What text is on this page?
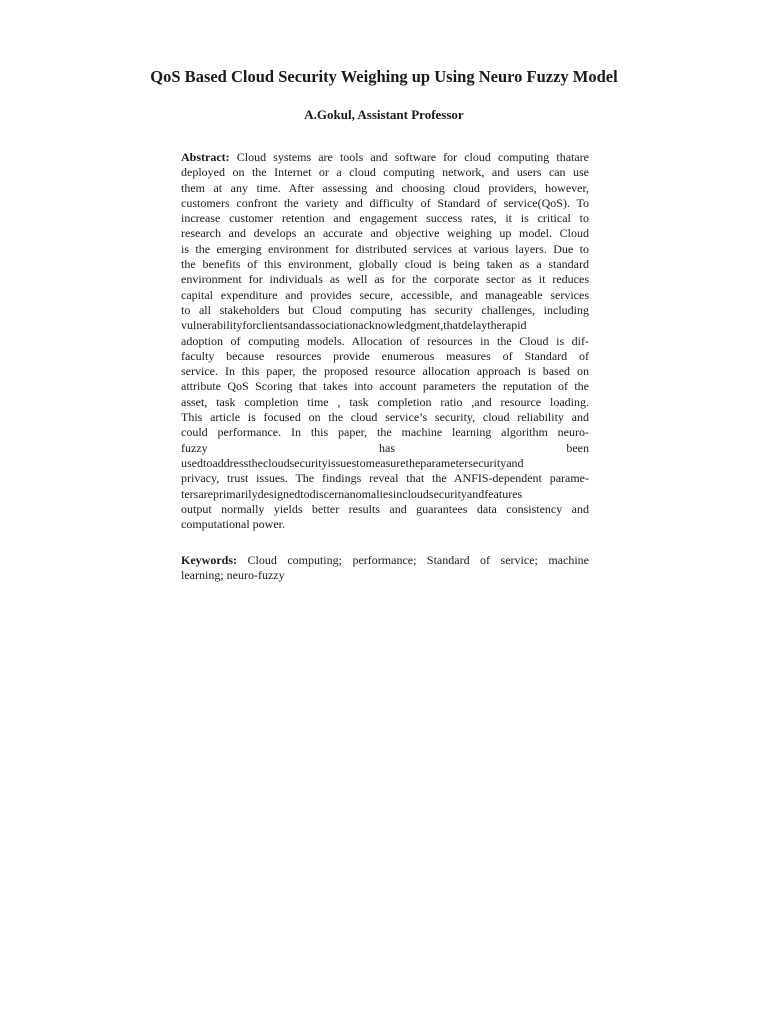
QoS Based Cloud Security Weighing up Using Neuro Fuzzy Model
A.Gokul, Assistant Professor
Abstract: Cloud systems are tools and software for cloud computing thatare
deployed on the Internet or a cloud computing network, and users can use
them at any time. After assessing and choosing cloud providers, however,
customers confront the variety and difficulty of Standard of service(QoS). To
increase customer retention and engagement success rates, it is critical to
research and develops an accurate and objective weighing up model. Cloud
is the emerging environment for distributed services at various layers. Due to
the benefits of this environment, globally cloud is being taken as a standard
environment for individuals as well as for the corporate sector as it reduces
capital expenditure and provides secure, accessible, and manageable services
to all stakeholders but Cloud computing has security challenges, including
vulnerabilityforclientsandassociationacknowledgment,thatdelaytherapid
adoption of computing models. Allocation of resources in the Cloud is dif-
faculty because resources provide enumerous measures of Standard of
service. In this paper, the proposed resource allocation approach is based on
attribute QoS Scoring that takes into account parameters the reputation of the
asset, task completion time , task completion ratio ,and resource loading.
This article is focused on the cloud service’s security, cloud reliability and
could performance. In this paper, the machine learning algorithm neuro-
fuzzy has been
usedtoaddressthecloudsecurityissuestomeasuretheparametersecurityand
privacy, trust issues. The findings reveal that the ANFIS-dependent parame-
tersareprimarilydesignedtodiscernanomaliesincloudsecurityandfeatures
output normally yields better results and guarantees data consistency and
computational power.
Keywords: Cloud computing; performance; Standard of service; machine
learning; neuro-fuzzy
